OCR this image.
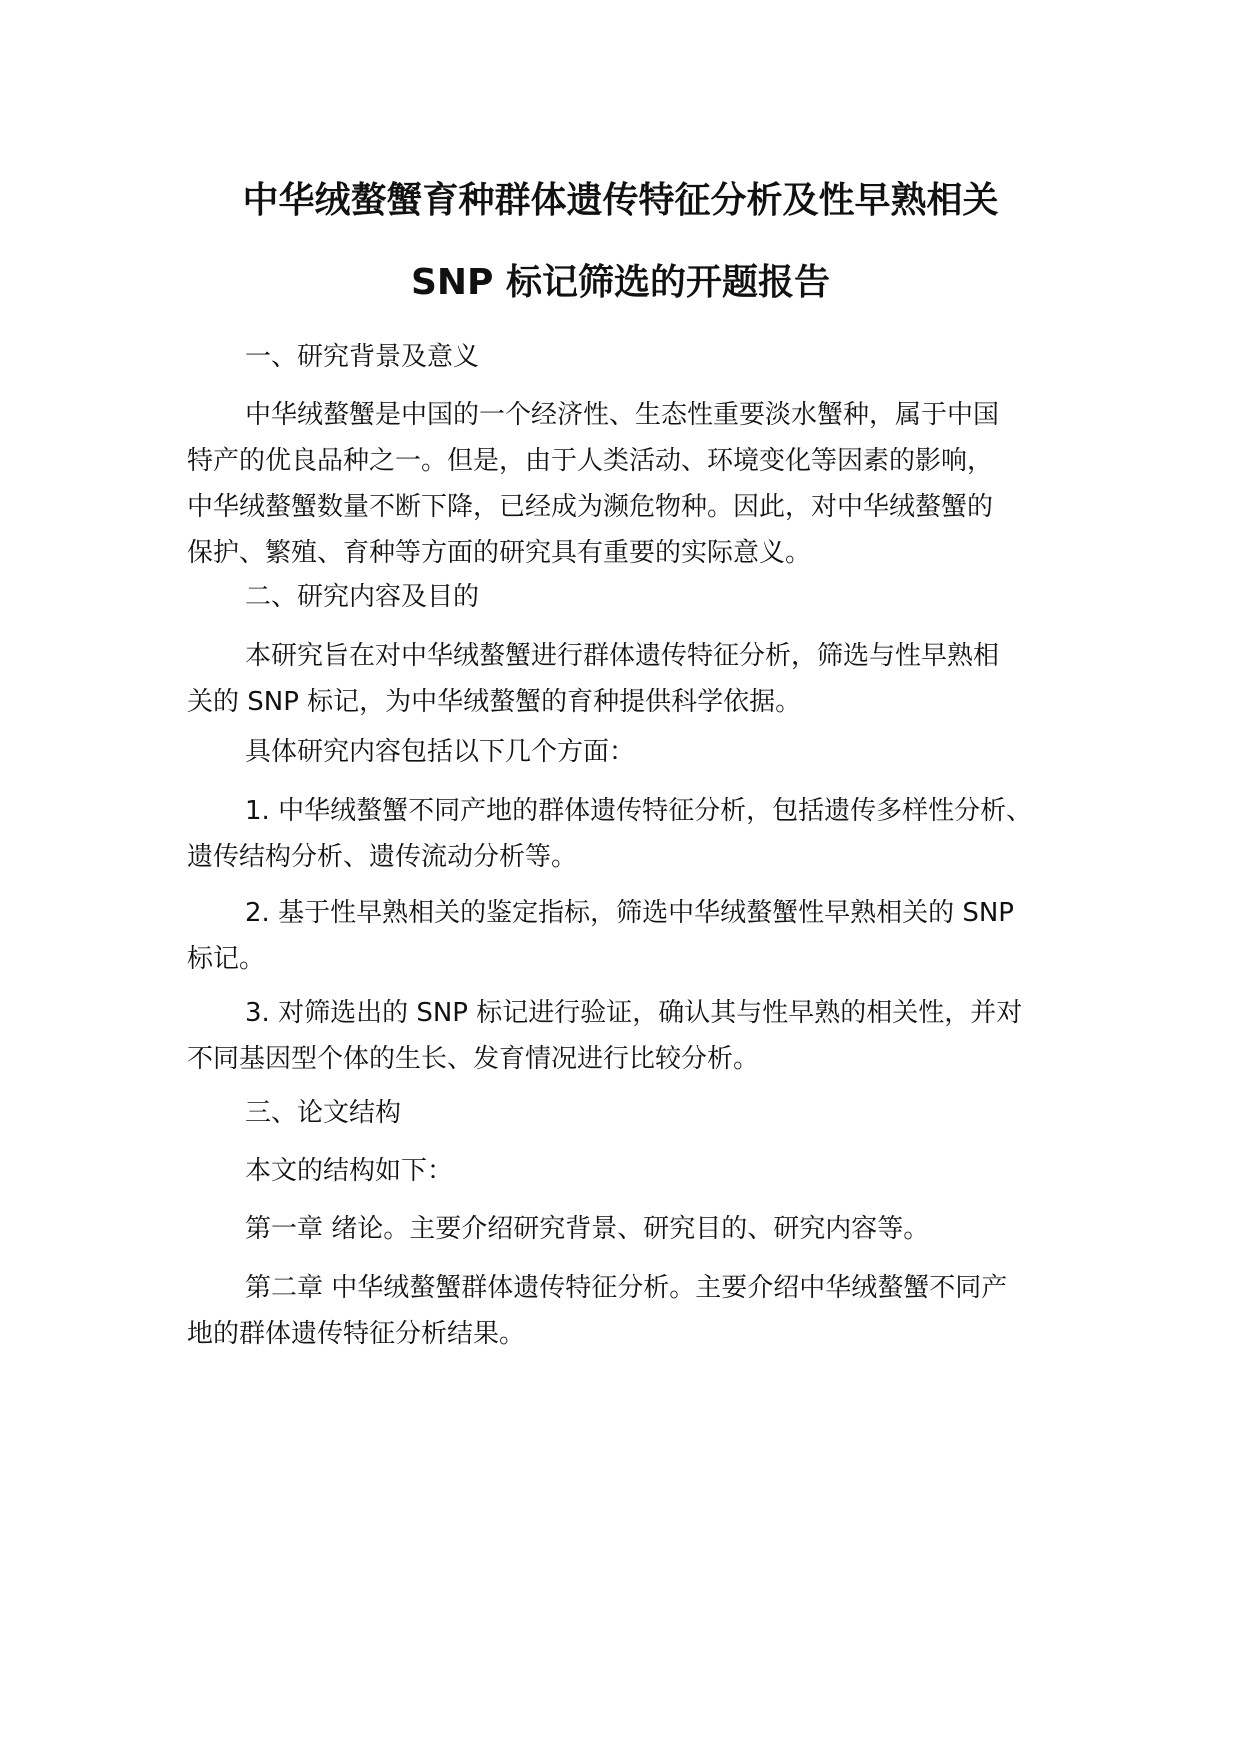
中华绒螯蟹育种群体遗传特征分析及性早熟相关
SNP 标记筛选的开题报告
一、研究背景及意义
中华绒螯蟹是中国的一个经济性、生态性重要淡水蟹种，属于中国
特产的优良品种之一。但是，由于人类活动、环境变化等因素的影响，
中华绒螯蟹数量不断下降，已经成为濒危物种。因此，对中华绒螯蟹的
保护、繁殖、育种等方面的研究具有重要的实际意义。
二、研究内容及目的
本研究旨在对中华绒螯蟹进行群体遗传特征分析，筛选与性早熟相
关的 SNP 标记，为中华绒螯蟹的育种提供科学依据。
具体研究内容包括以下几个方面：
1. 中华绒螯蟹不同产地的群体遗传特征分析，包括遗传多样性分析、
遗传结构分析、遗传流动分析等。
2. 基于性早熟相关的鉴定指标，筛选中华绒螯蟹性早熟相关的 SNP
标记。
3. 对筛选出的 SNP 标记进行验证，确认其与性早熟的相关性，并对
不同基因型个体的生长、发育情况进行比较分析。
三、论文结构
本文的结构如下：
第一章 绪论。主要介绍研究背景、研究目的、研究内容等。
第二章 中华绒螯蟹群体遗传特征分析。主要介绍中华绒螯蟹不同产
地的群体遗传特征分析结果。
